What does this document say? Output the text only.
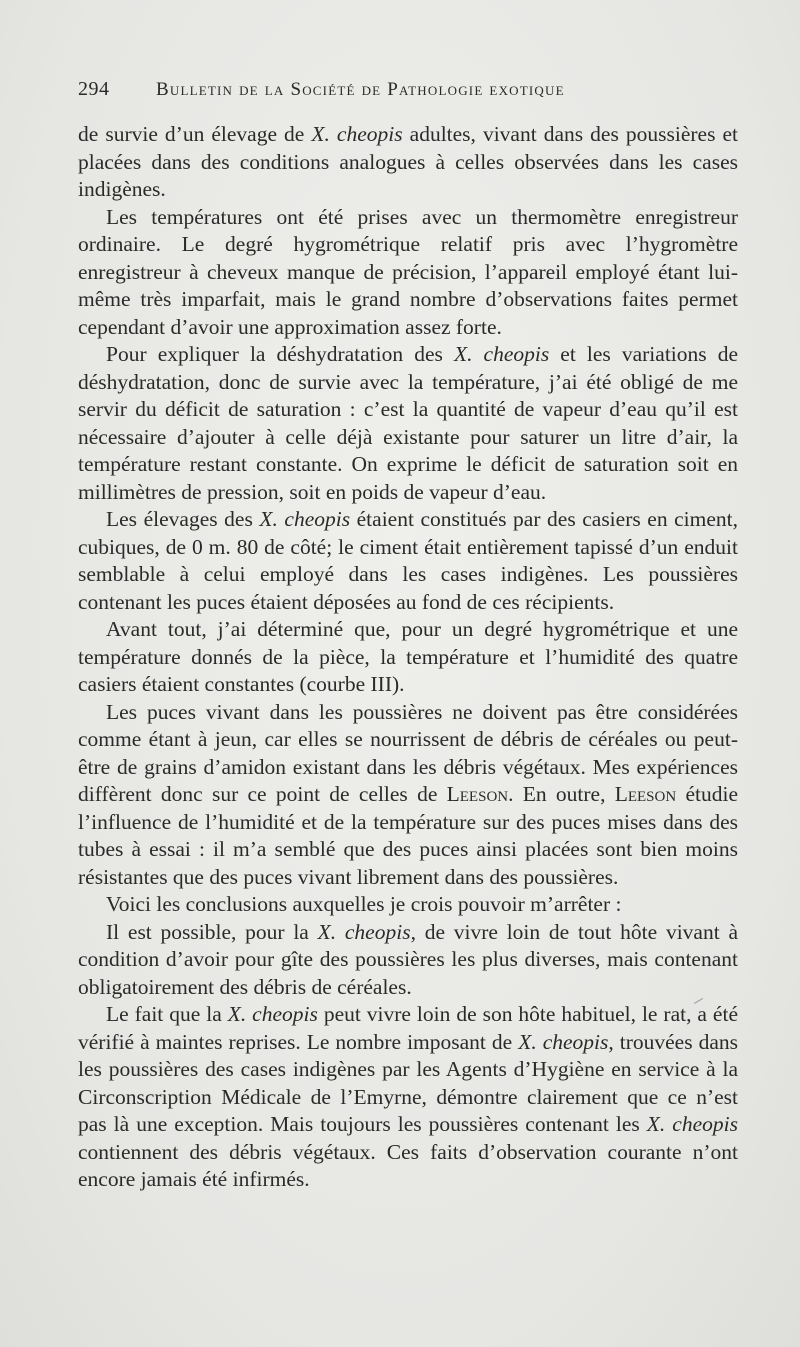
294	Bulletin de la Société de Pathologie exotique

de survie d’un élevage de X. cheopis adultes, vivant dans des poussières et placées dans des conditions analogues à celles observées dans les cases indigènes.

Les températures ont été prises avec un thermomètre enregistreur ordinaire. Le degré hygrométrique relatif pris avec l’hygromètre enregistreur à cheveux manque de précision, l’appareil employé étant lui-même très imparfait, mais le grand nombre d’observations faites permet cependant d’avoir une approximation assez forte.

Pour expliquer la déshydratation des X. cheopis et les variations de déshydratation, donc de survie avec la température, j’ai été obligé de me servir du déficit de saturation : c’est la quantité de vapeur d’eau qu’il est nécessaire d’ajouter à celle déjà existante pour saturer un litre d’air, la température restant constante. On exprime le déficit de saturation soit en millimètres de pression, soit en poids de vapeur d’eau.

Les élevages des X. cheopis étaient constitués par des casiers en ciment, cubiques, de 0 m. 80 de côté; le ciment était entièrement tapissé d’un enduit semblable à celui employé dans les cases indigènes. Les poussières contenant les puces étaient déposées au fond de ces récipients.

Avant tout, j’ai déterminé que, pour un degré hygrométrique et une température donnés de la pièce, la température et l’humidité des quatre casiers étaient constantes (courbe III).

Les puces vivant dans les poussières ne doivent pas être considérées comme étant à jeun, car elles se nourrissent de débris de céréales ou peut-être de grains d’amidon existant dans les débris végétaux. Mes expériences diffèrent donc sur ce point de celles de Leeson. En outre, Leeson étudie l’influence de l’humidité et de la température sur des puces mises dans des tubes à essai : il m’a semblé que des puces ainsi placées sont bien moins résistantes que des puces vivant librement dans des poussières.

Voici les conclusions auxquelles je crois pouvoir m’arrêter :

Il est possible, pour la X. cheopis, de vivre loin de tout hôte vivant à condition d’avoir pour gîte des poussières les plus diverses, mais contenant obligatoirement des débris de céréales.

Le fait que la X. cheopis peut vivre loin de son hôte habituel, le rat, a été vérifié à maintes reprises. Le nombre imposant de X. cheopis, trouvées dans les poussières des cases indigènes par les Agents d’Hygiène en service à la Circonscription Médicale de l’Emyrne, démontre clairement que ce n’est pas là une exception. Mais toujours les poussières contenant les X. cheopis contiennent des débris végétaux. Ces faits d’observation courante n’ont encore jamais été infirmés.
